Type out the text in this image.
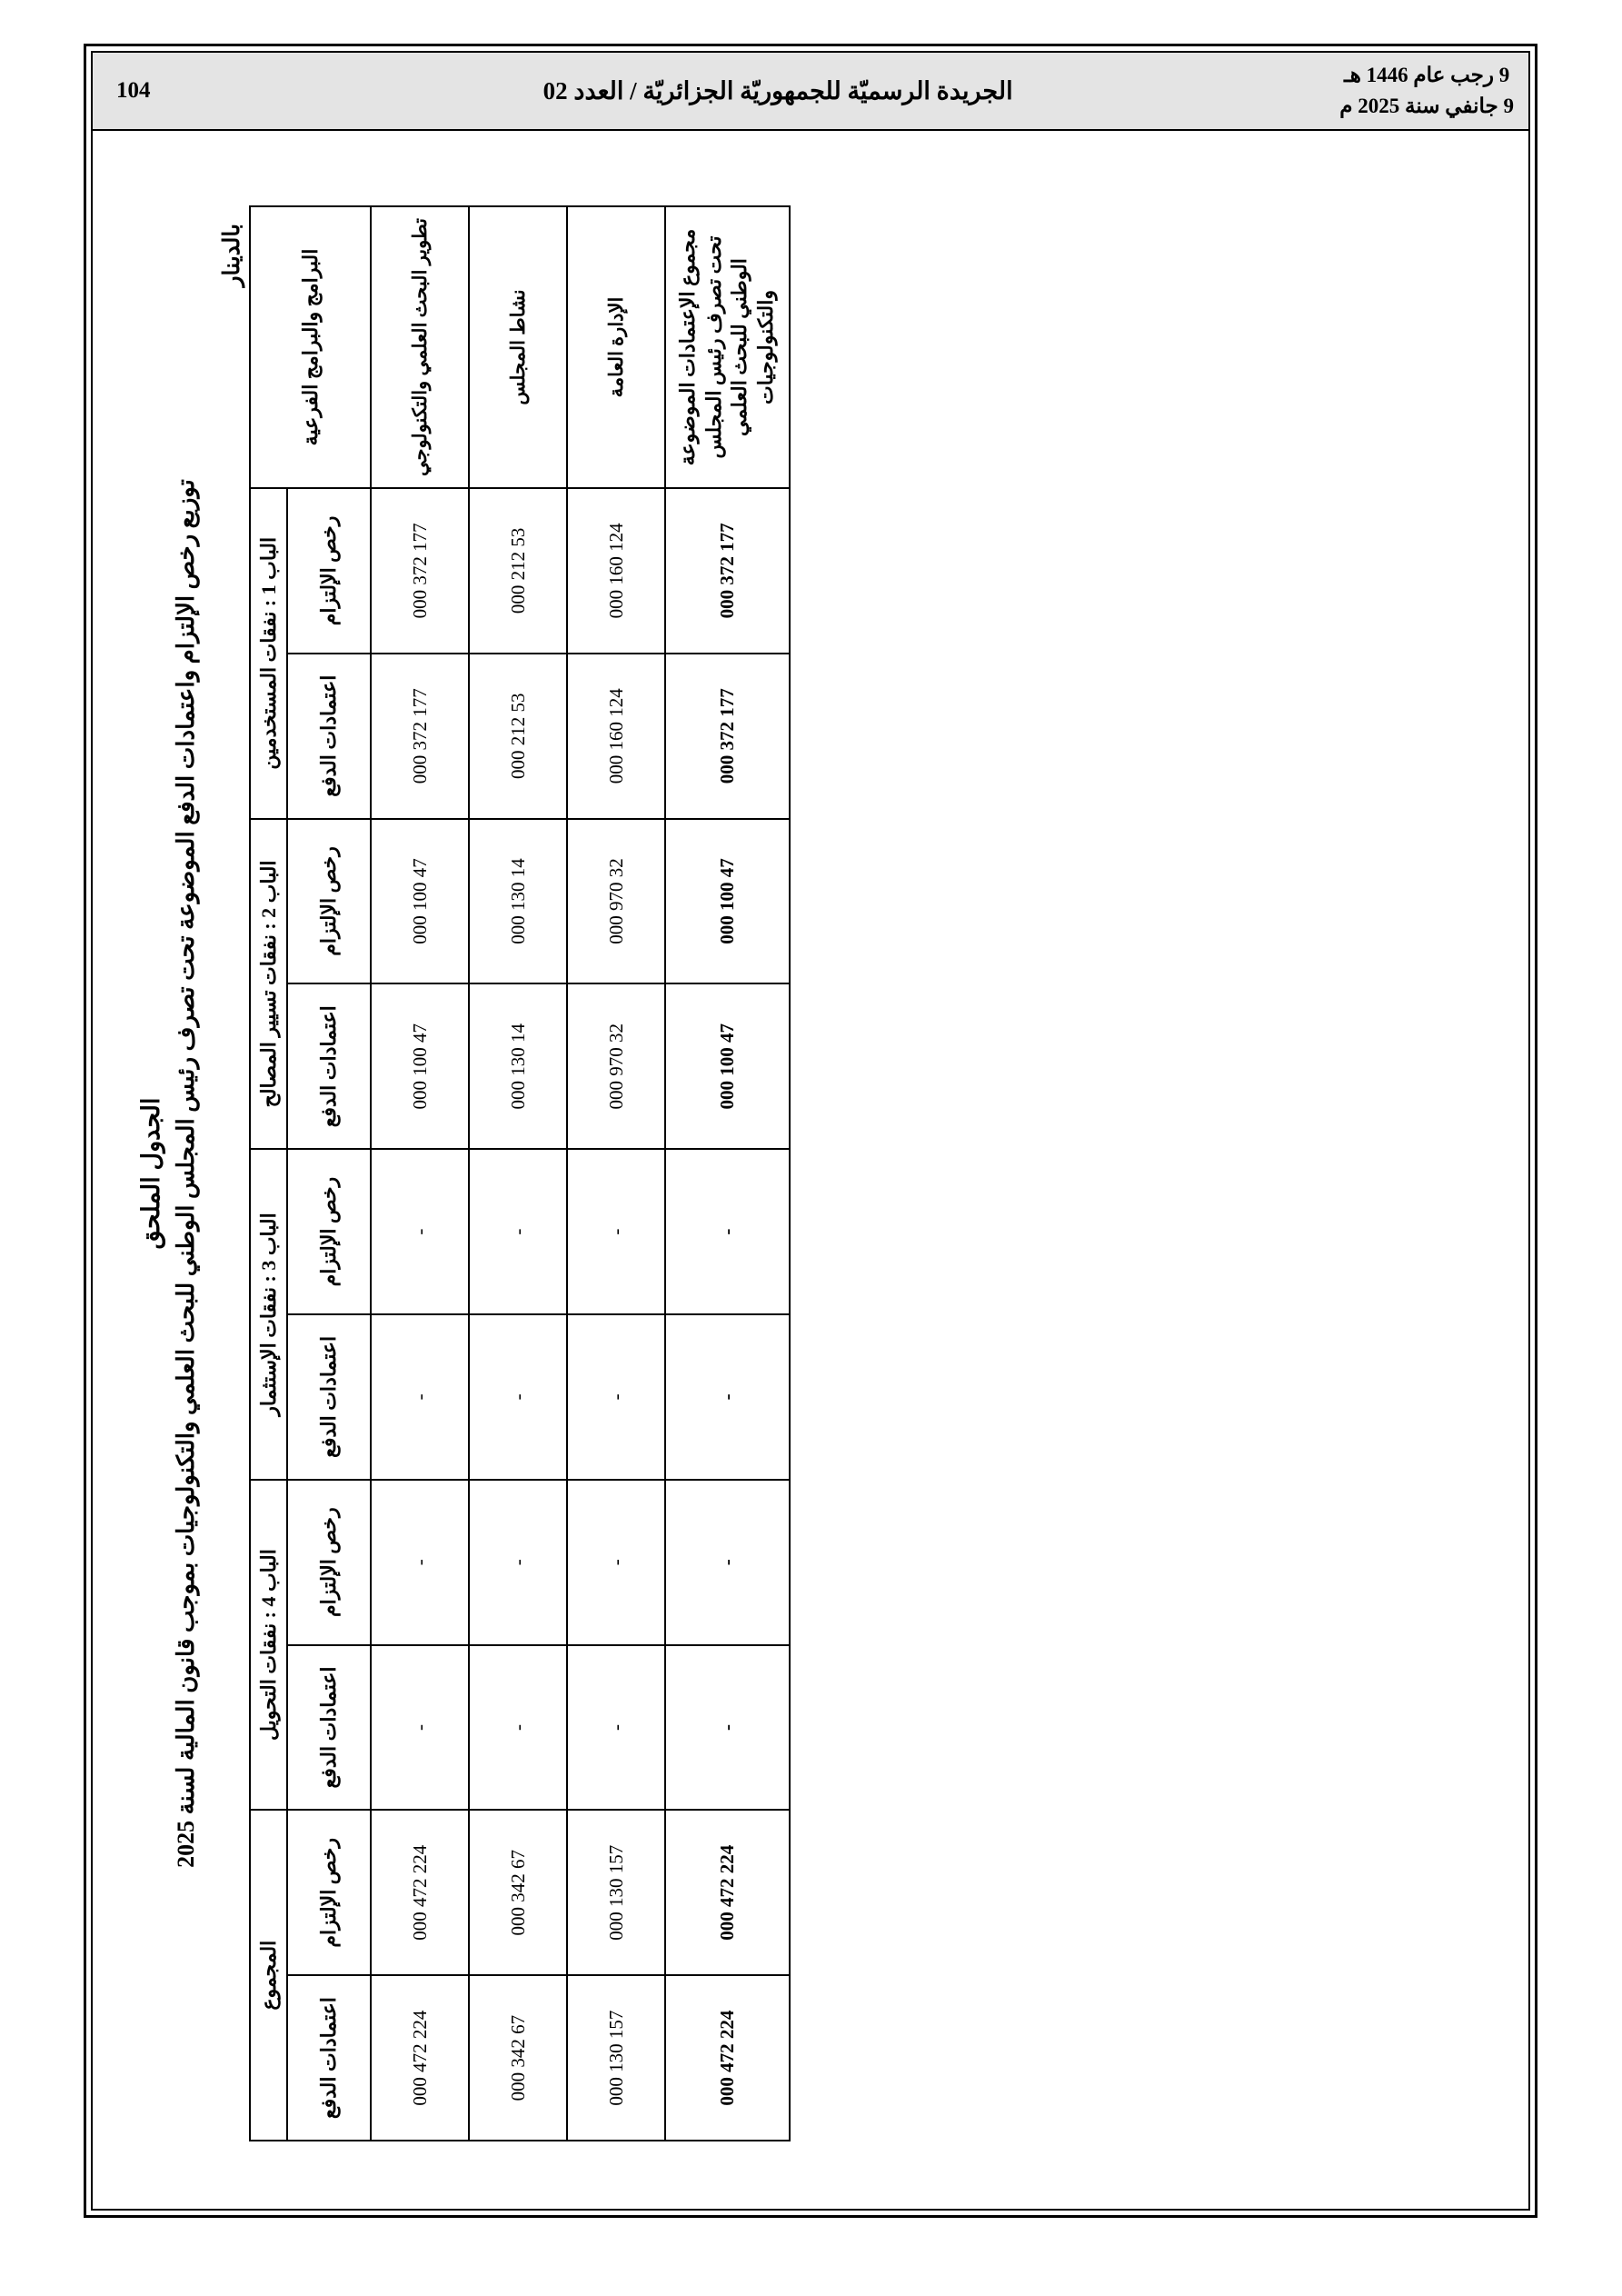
9 رجب عام 1446 هـ
9 جانفي سنة 2025 م
الجريدة الرسميّة للجمهوريّة الجزائريّة / العدد 02
104
الجدول الملحق
توزيع رخص الإلتزام واعتمادات الدفع الموضوعة تحت تصرف رئيس المجلس الوطني للبحث العلمي والتكنولوجيات بموجب قانون المالية لسنة 2025
بالدينار	البرامج والبرامج الفرعية	الباب 1 : نفقات المستخدمين		الباب 2 : نفقات تسيير المصالح		الباب 3 : نفقات الإستثمار		الباب 4 : نفقات التحويل		المجموع	
	رخص الإلتزام	اعتمادات الدفع	رخص الإلتزام	اعتمادات الدفع	رخص الإلتزام	اعتمادات الدفع	رخص الإلتزام	اعتمادات الدفع	رخص الإلتزام	اعتمادات الدفع
تطوير البحث العلمي والتكنولوجي	177 372 000	177 372 000	47 100 000	47 100 000	-	-	-	-	224 472 000	224 472 000
نشاط المجلس	53 212 000	53 212 000	14 130 000	14 130 000	-	-	-	-	67 342 000	67 342 000
الإدارة العامة	124 160 000	124 160 000	32 970 000	32 970 000	-	-	-	-	157 130 000	157 130 000
مجموع الإعتمادات الموضوعة تحت تصرف رئيس المجلس الوطني للبحث العلمي والتكنولوجيات	177 372 000	177 372 000	47 100 000	47 100 000	-	-	-	-	224 472 000	224 472 000
